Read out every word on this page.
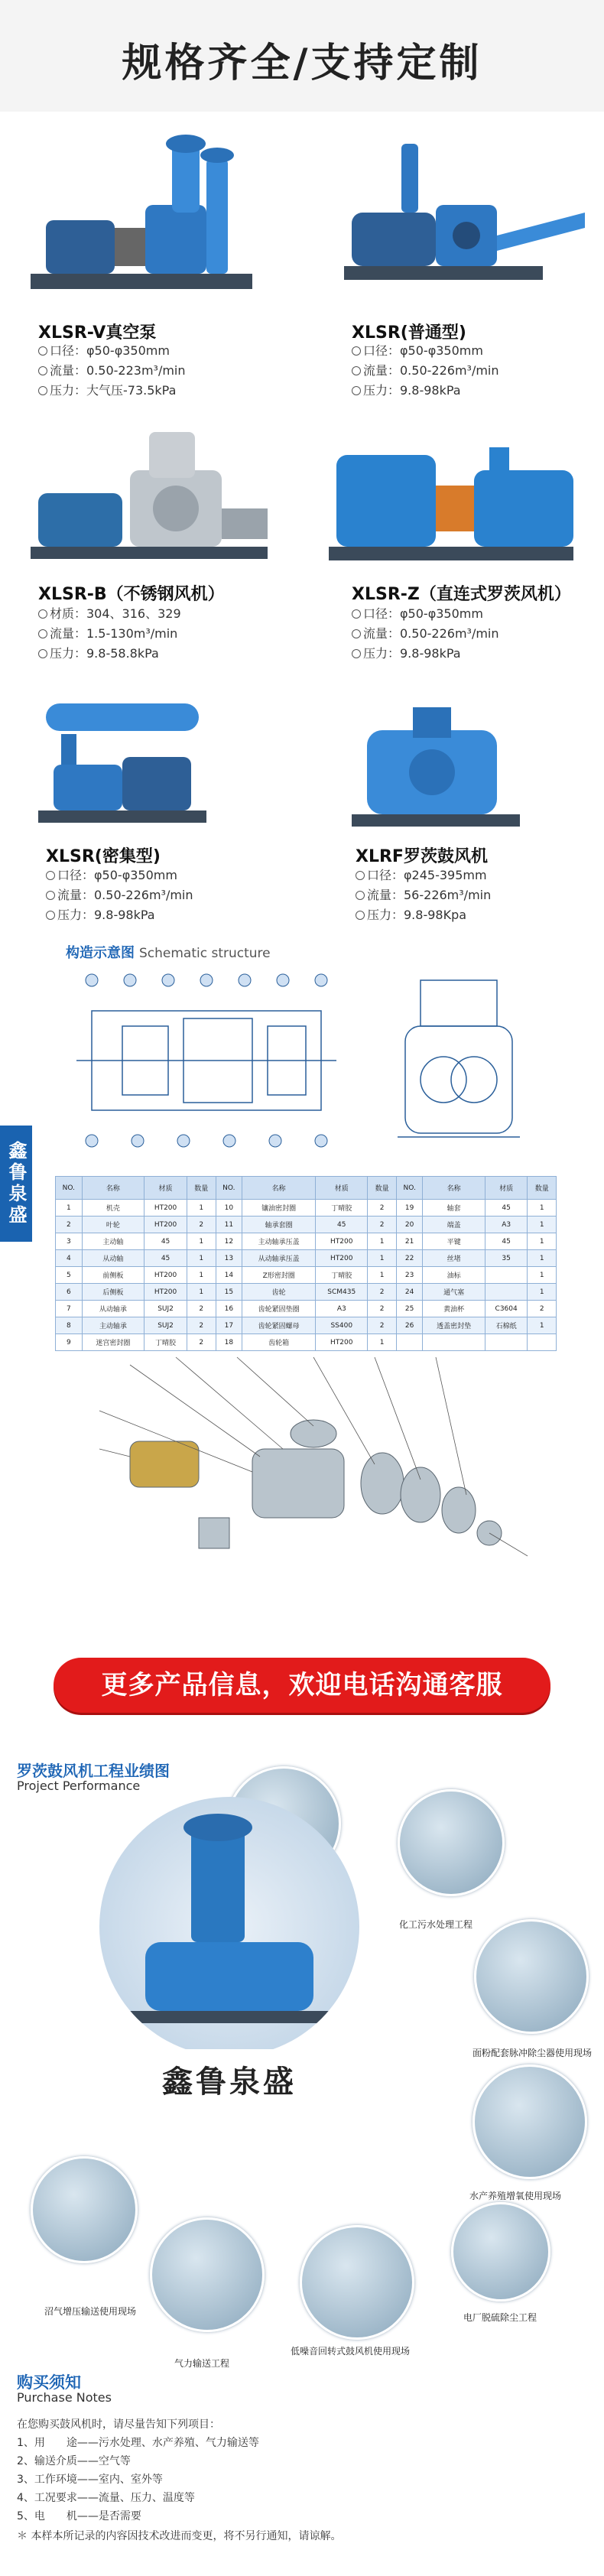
规格齐全/支持定制
XLSR-V真空泵
口径：φ50-φ350mm
流量：0.50-223m³/min
压力：大气压-73.5kPa
XLSR(普通型)
口径：φ50-φ350mm
流量：0.50-226m³/min
压力：9.8-98kPa
XLSR-B（不锈钢风机）
材质：304、316、329
流量：1.5-130m³/min
压力：9.8-58.8kPa
XLSR-Z（直连式罗茨风机）
口径：φ50-φ350mm
流量：0.50-226m³/min
压力：9.8-98kPa
XLSR(密集型)
口径：φ50-φ350mm
流量：0.50-226m³/min
压力：9.8-98kPa
XLRF罗茨鼓风机
口径：φ245-395mm
流量：56-226m³/min
压力：9.8-98Kpa
构造示意图 Schematic structure
鑫鲁泉盛	NO.	名称	材质	数量	NO.	名称	材质	数量	NO.	名称	材质	数量
1	机壳	HT200	1	10	镶油密封圈	丁晴胶	2	19	轴套	45	1
2	叶轮	HT200	2	11	轴承套圈	45	2	20	端盖	A3	1
3	主动轴	45	1	12	主动轴承压盖	HT200	1	21	平键	45	1
4	从动轴	45	1	13	从动轴承压盖	HT200	1	22	丝堵	35	1
5	前侧板	HT200	1	14	Z形密封圈	丁晴胶	1	23	油标		1
6	后侧板	HT200	1	15	齿轮	SCM435	2	24	通气塞		1
7	从动轴承	SUJ2	2	16	齿轮紧固垫圈	A3	2	25	黄油杯	C3604	2
8	主动轴承	SUJ2	2	17	齿轮紧固螺母	SS400	2	26	透盖密封垫	石棉纸	1
9	迷宫密封圈	丁晴胶	2	18	齿轮箱	HT200	1				
更多产品信息，欢迎电话沟通客服
罗茨鼓风机工程业绩图
Project Performance
化工污水处理工程
面粉配套脉冲除尘器使用现场
水产养殖增氧使用现场
电厂脱硫除尘工程
低噪音回转式鼓风机使用现场
气力输送工程
沼气增压输送使用现场
鑫鲁泉盛
购买须知
Purchase Notes
在您购买鼓风机时，请尽量告知下列项目：
1、用　　途——污水处理、水产养殖、气力输送等
2、输送介质——空气等
3、工作环境——室内、室外等
4、工况要求——流量、压力、温度等
5、电　　机——是否需要
＊ 本样本所记录的内容因技术改进而变更，将不另行通知，请谅解。
